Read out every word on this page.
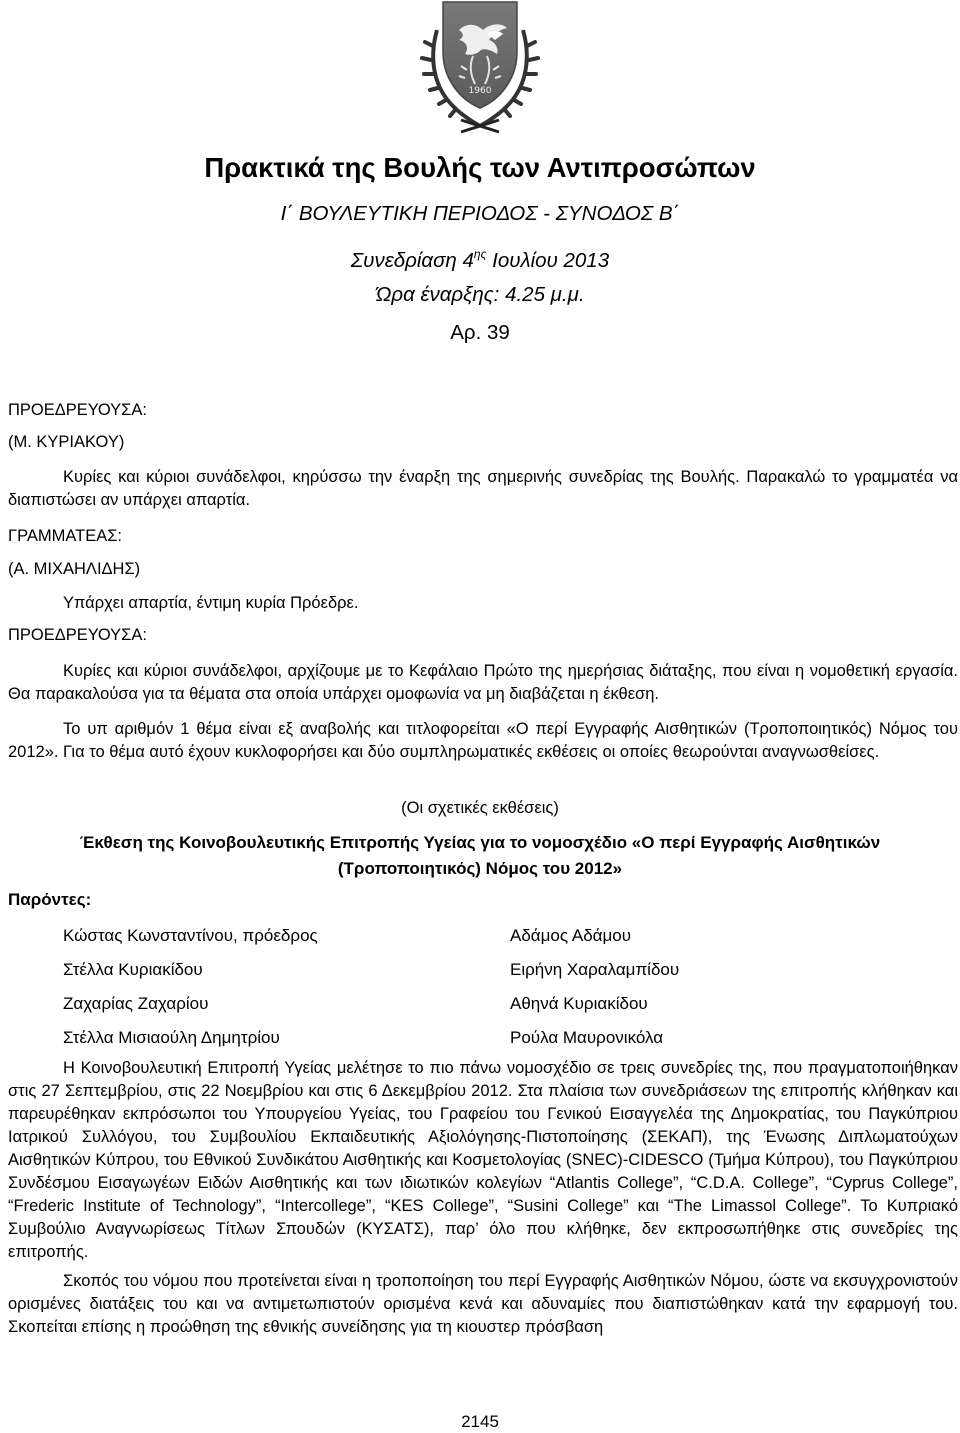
1960
Πρακτικά της Βουλής των Αντιπροσώπων
Ι΄ ΒΟΥΛΕΥΤΙΚΗ ΠΕΡΙΟΔΟΣ - ΣΥΝΟΔΟΣ Β΄
Συνεδρίαση $4^{\eta\varsigma}$ Ιουλίου 2013
Ώρα έναρξης: 4.25 μ.μ.
Αρ. 39
ΠΡΟΕΔΡΕΥΟΥΣΑ:
(Μ. ΚΥΡΙΑΚΟΥ)
Κυρίες και κύριοι συνάδελφοι, κηρύσσω την έναρξη της σημερινής συνεδρίας της Βουλής. Παρακαλώ το γραμματέα να διαπιστώσει αν υπάρχει απαρτία.
ΓΡΑΜΜΑΤΕΑΣ:
(Α. ΜΙΧΑΗΛΙΔΗΣ)
Υπάρχει απαρτία, έντιμη κυρία Πρόεδρε.
ΠΡΟΕΔΡΕΥΟΥΣΑ:
Κυρίες και κύριοι συνάδελφοι, αρχίζουμε με το Κεφάλαιο Πρώτο της ημερήσιας διάταξης, που είναι η νομοθετική εργασία. Θα παρακαλούσα για τα θέματα στα οποία υπάρχει ομοφωνία να μη διαβάζεται η έκθεση.
Το υπ αριθμόν 1 θέμα είναι εξ αναβολής και τιτλοφορείται «Ο περί Εγγραφής Αισθητικών (Τροποποιητικός) Νόμος του 2012». Για το θέμα αυτό έχουν κυκλοφορήσει και δύο συμπληρωματικές εκθέσεις οι οποίες θεωρούνται αναγνωσθείσες.
(Οι σχετικές εκθέσεις)
Έκθεση της Κοινοβουλευτικής Επιτροπής Υγείας για το νομοσχέδιο «Ο περί Εγγραφής Αισθητικών
(Τροποποιητικός) Νόμος του 2012»
Παρόντες:
Κώστας Κωνσταντίνου, πρόεδρος
Στέλλα Κυριακίδου
Ζαχαρίας Ζαχαρίου
Στέλλα Μισιαούλη Δημητρίου
Αδάμος Αδάμου
Ειρήνη Χαραλαμπίδου
Αθηνά Κυριακίδου
Ρούλα Μαυρονικόλα
Η Κοινοβουλευτική Επιτροπή Υγείας μελέτησε το πιο πάνω νομοσχέδιο σε τρεις συνεδρίες της, που πραγματοποιήθηκαν στις 27 Σεπτεμβρίου, στις 22 Νοεμβρίου και στις 6 Δεκεμβρίου 2012. Στα πλαίσια των συνεδριάσεων της επιτροπής κλήθηκαν και παρευρέθηκαν εκπρόσωποι του Υπουργείου Υγείας, του Γραφείου του Γενικού Εισαγγελέα της Δημοκρατίας, του Παγκύπριου Ιατρικού Συλλόγου, του Συμβουλίου Εκπαιδευτικής Αξιολόγησης-Πιστοποίησης (ΣΕΚΑΠ), της Ένωσης Διπλωματούχων Αισθητικών Κύπρου, του Εθνικού Συνδικάτου Αισθητικής και Κοσμετολογίας (SNEC)-CIDESCO (Τμήμα Κύπρου), του Παγκύπριου Συνδέσμου Εισαγωγέων Ειδών Αισθητικής και των ιδιωτικών κολεγίων “Atlantis College”, “C.D.A. College”, “Cyprus College”, “Frederic Institute of Technology”, “Intercollege”, “KES College”, “Susini College” και “The Limassol College”. Το Κυπριακό Συμβούλιο Αναγνωρίσεως Τίτλων Σπουδών (ΚΥΣΑΤΣ), παρ’ όλο που κλήθηκε, δεν εκπροσωπήθηκε στις συνεδρίες της επιτροπής.
Σκοπός του νόμου που προτείνεται είναι η τροποποίηση του περί Εγγραφής Αισθητικών Νόμου, ώστε να εκσυγχρονιστούν ορισμένες διατάξεις του και να αντιμετωπιστούν ορισμένα κενά και αδυναμίες που διαπιστώθηκαν κατά την εφαρμογή του. Σκοπείται επίσης η προώθηση της εθνικής συνείδησης για τη κιουστερ πρόσβαση
2145
